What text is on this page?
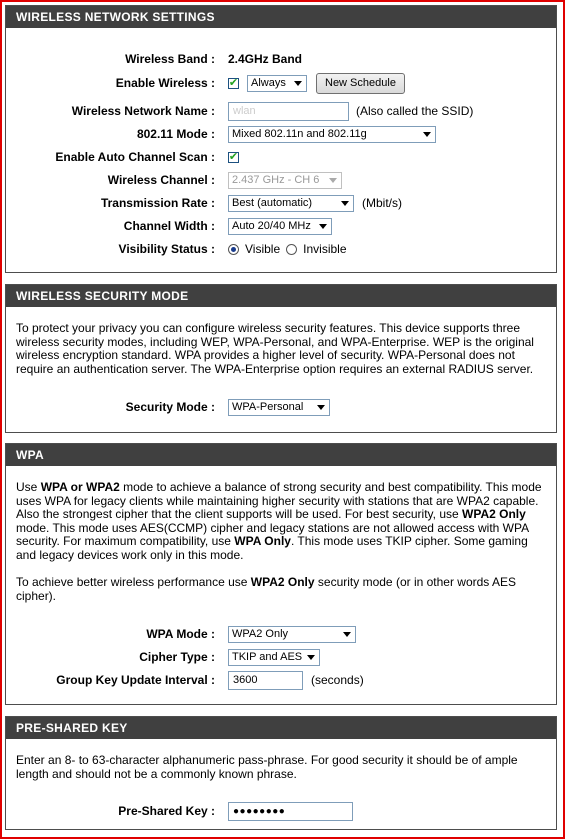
WIRELESS NETWORK SETTINGS
Wireless Band : 2.4GHz Band
Enable Wireless : ✔ Always	New Schedule
Wireless Network Name :	wlan	(Also called the SSID)
802.11 Mode : Mixed 802.11n and 802.11g
Enable Auto Channel Scan : ✔
Wireless Channel : 2.437 GHz - CH 6
Transmission Rate : Best (automatic)	(Mbit/s)
Channel Width : Auto 20/40 MHz
Visibility Status :	Visible Invisible
WIRELESS SECURITY MODE
To protect your privacy you can configure wireless security features. This device supports three wireless security modes, including WEP, WPA-Personal, and WPA-Enterprise. WEP is the original wireless encryption standard. WPA provides a higher level of security. WPA-Personal does not require an authentication server. The WPA-Enterprise option requires an external RADIUS server.
Security Mode : WPA-Personal
WPA
Use WPA or WPA2 mode to achieve a balance of strong security and best compatibility. This mode uses WPA for legacy clients while maintaining higher security with stations that are WPA2 capable. Also the strongest cipher that the client supports will be used. For best security, use WPA2 Only mode. This mode uses AES(CCMP) cipher and legacy stations are not allowed access with WPA security. For maximum compatibility, use WPA Only. This mode uses TKIP cipher. Some gaming and legacy devices work only in this mode.
To achieve better wireless performance use WPA2 Only security mode (or in other words AES cipher).
WPA Mode : WPA2 Only
Cipher Type : TKIP and AES
Group Key Update Interval :	3600	(seconds)
PRE-SHARED KEY
Enter an 8- to 63-character alphanumeric pass-phrase. For good security it should be of ample length and should not be a commonly known phrase.
Pre-Shared Key :	●●●●●●●●
